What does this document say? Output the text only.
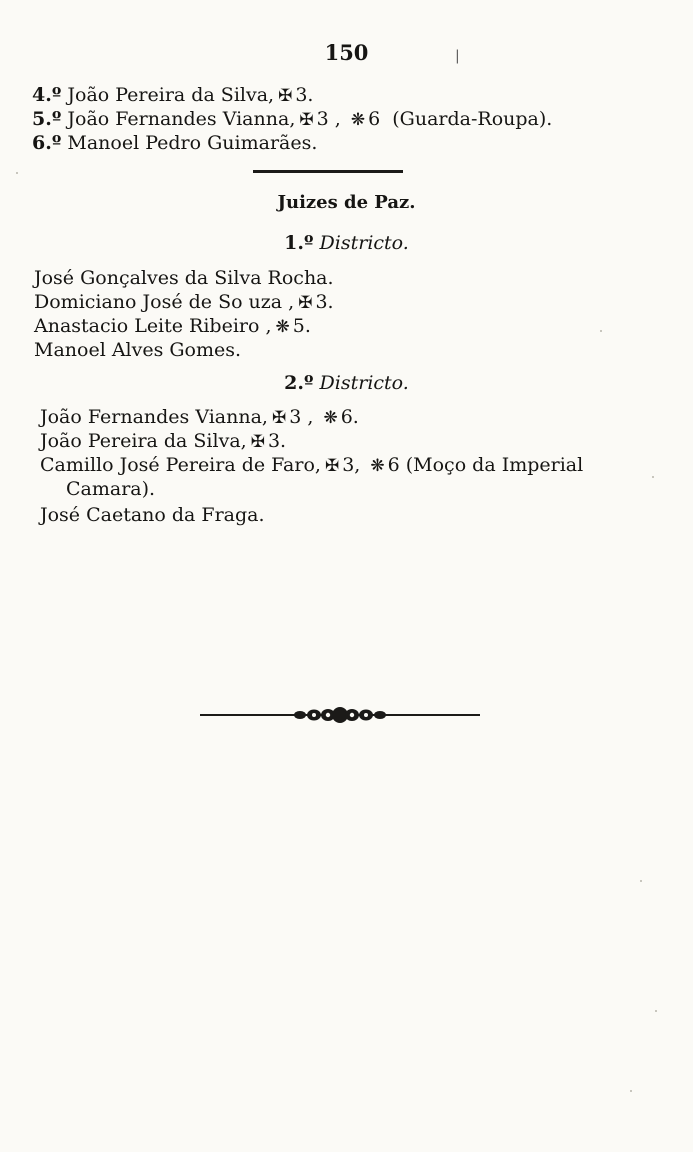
150	|
4.º João Pereira da Silva, ✠ 3.
5.º João Fernandes Vianna, ✠ 3 , ❋ 6 (Guarda-Roupa).
6.º Manoel Pedro Guimarães.
Juizes de Paz.
1.º Districto.
José Gonçalves da Silva Rocha.
Domiciano José de So uza , ✠ 3.
Anastacio Leite Ribeiro , ❋ 5.
Manoel Alves Gomes.
2.º Districto.
João Fernandes Vianna, ✠ 3 , ❋ 6.
João Pereira da Silva, ✠ 3.
Camillo José Pereira de Faro, ✠ 3, ❋ 6 (Moço da Imperial
Camara).
José Caetano da Fraga.
